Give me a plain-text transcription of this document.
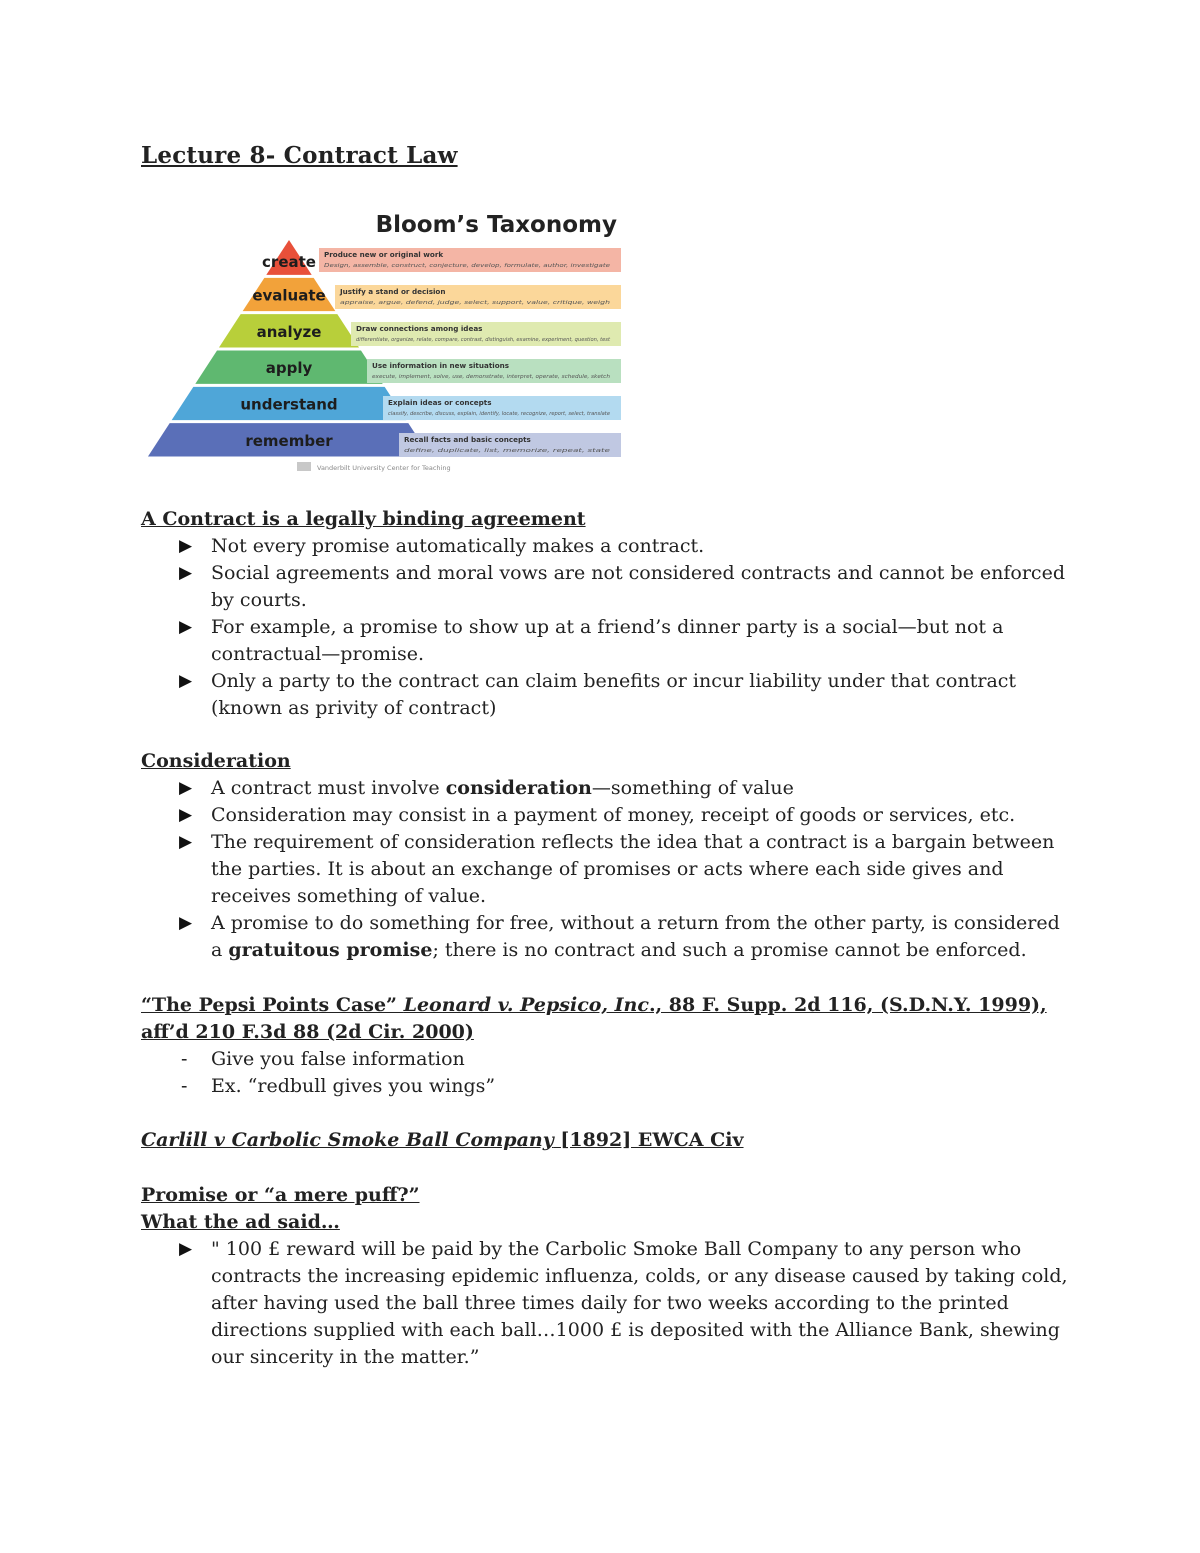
Lecture 8- Contract Law
Bloom’s Taxonomy
create Produce new or original work
Design, assemble, construct, conjecture, develop, formulate, author, investigate
evaluate Justify a stand or decision
appraise, argue, defend, judge, select, support, value, critique, weigh
analyze	Draw connections among ideas
differentiate, organize, relate, compare, contrast, distinguish, examine, experiment, question, test
apply	Use information in new situations
execute, implement, solve, use, demonstrate, interpret, operate, schedule, sketch
understand	Explain ideas or concepts
classify, describe, discuss, explain, identify, locate, recognize, report, select, translate
remember	Recall facts and basic concepts
define, duplicate, list, memorize, repeat, state
Vanderbilt University Center for Teaching
A Contract is a legally binding agreement
▶ Not every promise automatically makes a contract.
▶ Social agreements and moral vows are not considered contracts and cannot be enforced by courts.
▶ For example, a promise to show up at a friend’s dinner party is a social—but not a contractual—promise.
▶ Only a party to the contract can claim benefits or incur liability under that contract (known as privity of contract)
Consideration
▶ A contract must involve consideration—something of value
▶ Consideration may consist in a payment of money, receipt of goods or services, etc.
▶ The requirement of consideration reflects the idea that a contract is a bargain between the parties. It is about an exchange of promises or acts where each side gives and receives something of value.
▶ A promise to do something for free, without a return from the other party, is considered a gratuitous promise; there is no contract and such a promise cannot be enforced.
“The Pepsi Points Case” Leonard v. Pepsico, Inc., 88 F. Supp. 2d 116, (S.D.N.Y. 1999), aff’d 210 F.3d 88 (2d Cir. 2000)
- Give you false information
- Ex. “redbull gives you wings”
Carlill v Carbolic Smoke Ball Company [1892] EWCA Civ
Promise or “a mere puff?”
What the ad said…
▶ " 100 £ reward will be paid by the Carbolic Smoke Ball Company to any person who contracts the increasing epidemic influenza, colds, or any disease caused by taking cold, after having used the ball three times daily for two weeks according to the printed directions supplied with each ball…1000 £ is deposited with the Alliance Bank, shewing our sincerity in the matter.”
